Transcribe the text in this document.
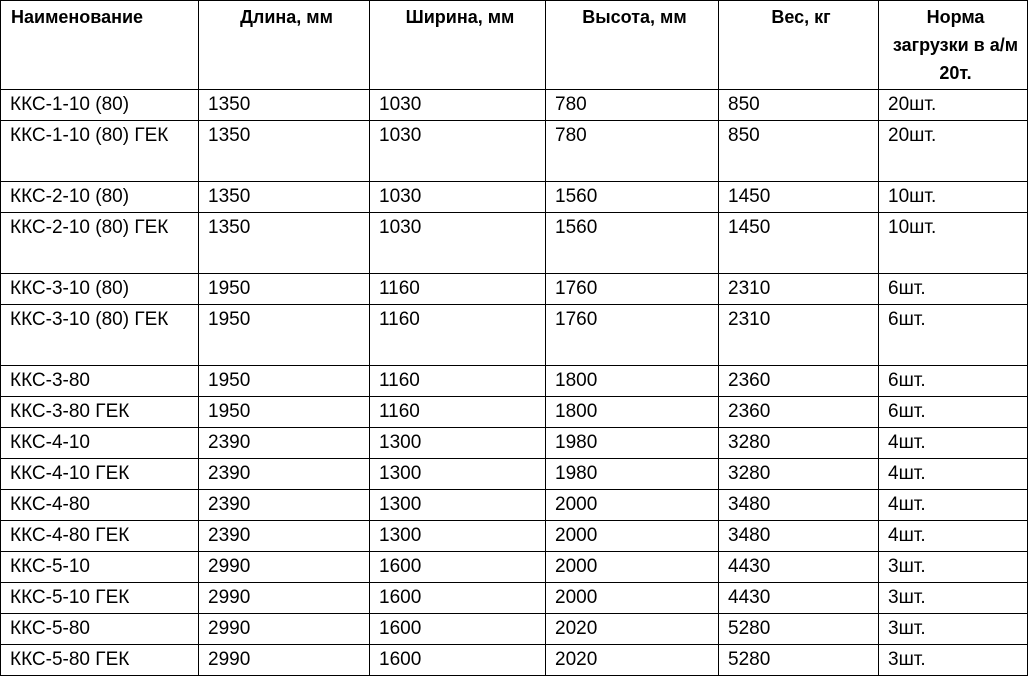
Наименование	Длина, мм	Ширина, мм	Высота, мм	Вес, кг	Норма загрузки в а/м 20т.
ККС-1-10 (80)	1350	1030	780	850	20шт.
ККС-1-10 (80) ГЕК	1350	1030	780	850	20шт.
ККС-2-10 (80)	1350	1030	1560	1450	10шт.
ККС-2-10 (80) ГЕК	1350	1030	1560	1450	10шт.
ККС-3-10 (80)	1950	1160	1760	2310	6шт.
ККС-3-10 (80) ГЕК	1950	1160	1760	2310	6шт.
ККС-3-80	1950	1160	1800	2360	6шт.
ККС-3-80 ГЕК	1950	1160	1800	2360	6шт.
ККС-4-10	2390	1300	1980	3280	4шт.
ККС-4-10 ГЕК	2390	1300	1980	3280	4шт.
ККС-4-80	2390	1300	2000	3480	4шт.
ККС-4-80 ГЕК	2390	1300	2000	3480	4шт.
ККС-5-10	2990	1600	2000	4430	3шт.
ККС-5-10 ГЕК	2990	1600	2000	4430	3шт.
ККС-5-80	2990	1600	2020	5280	3шт.
ККС-5-80 ГЕК	2990	1600	2020	5280	3шт.
